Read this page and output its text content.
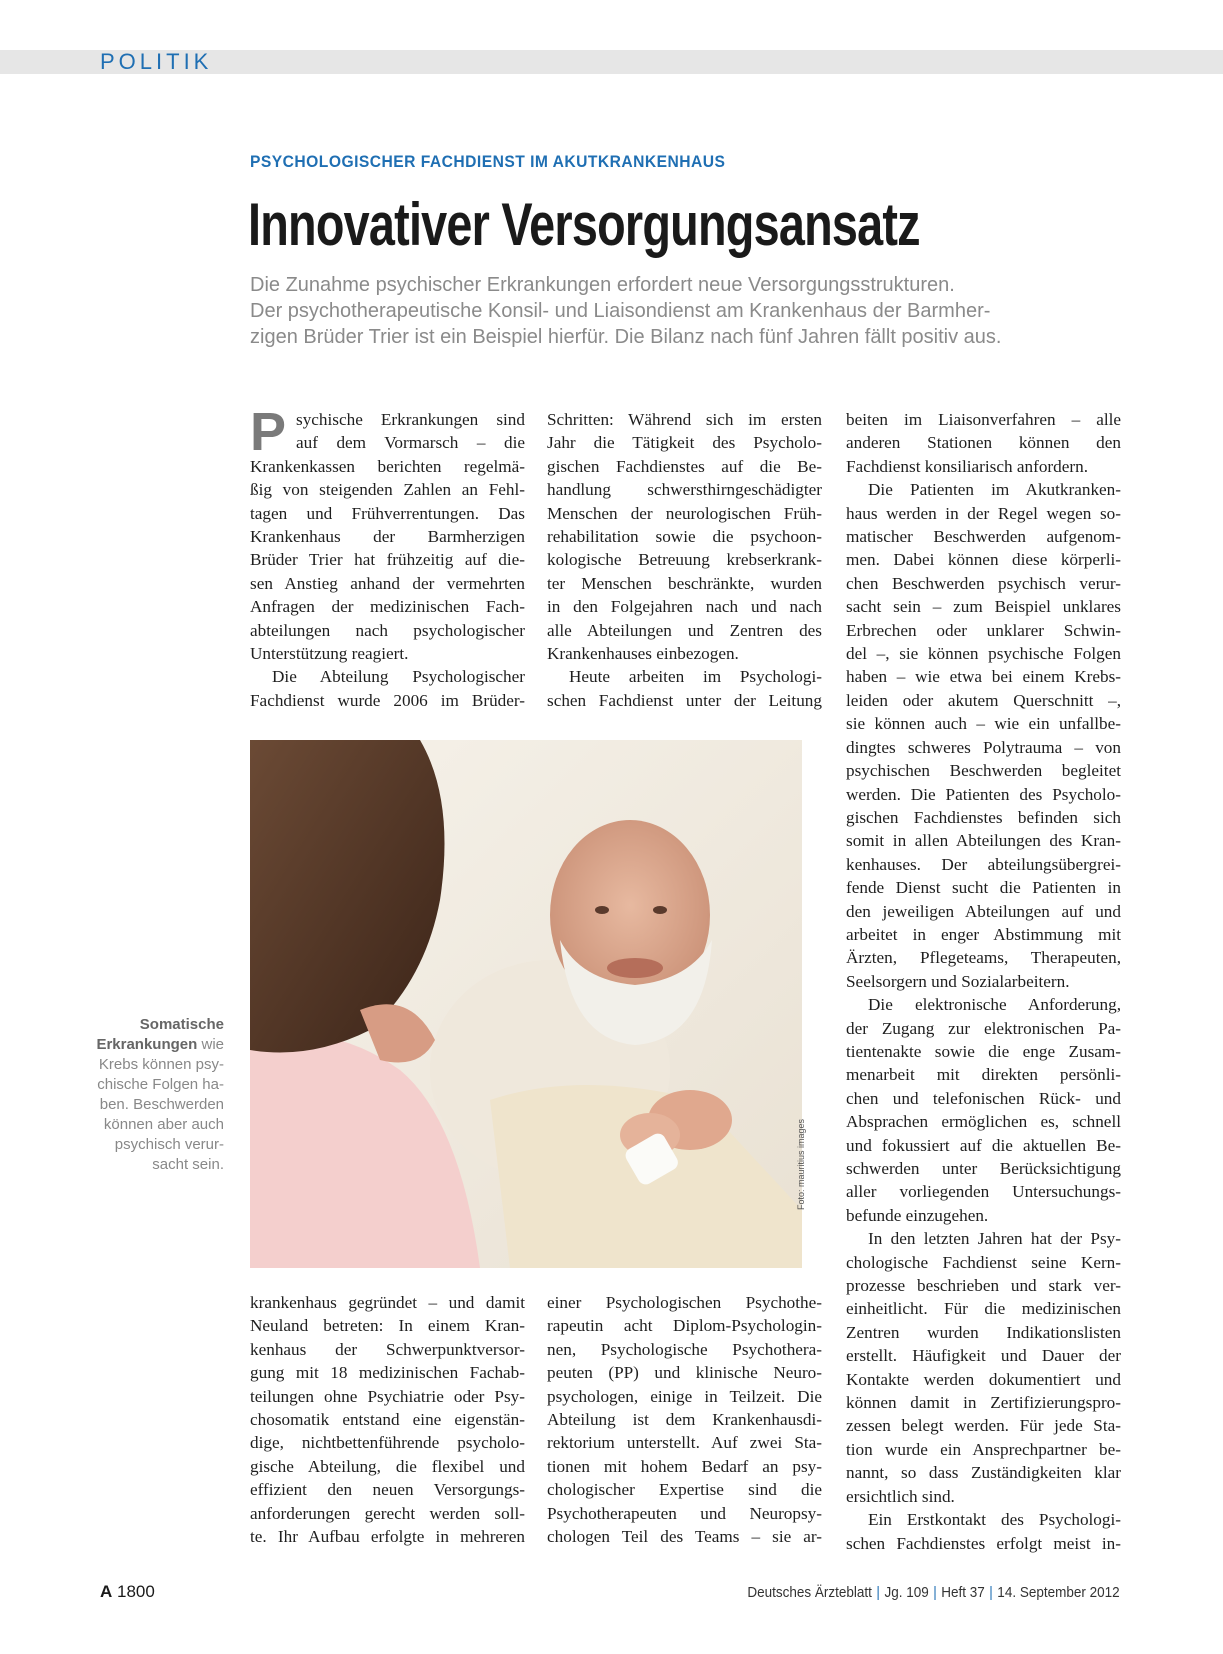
POLITIK
PSYCHOLOGISCHER FACHDIENST IM AKUTKRANKENHAUS
Innovativer Versorgungsansatz
Die Zunahme psychischer Erkrankungen erfordert neue Versorgungsstrukturen.
Der psychotherapeutische Konsil- und Liaisondienst am Krankenhaus der Barmher-
zigen Brüder Trier ist ein Beispiel hierfür. Die Bilanz nach fünf Jahren fällt positiv aus.
P sychische Erkrankungen sind
auf dem Vormarsch – die
Krankenkassen berichten regelmä-
ßig von steigenden Zahlen an Fehl-
tagen und Frühverrentungen. Das
Krankenhaus der Barmherzigen
Brüder Trier hat frühzeitig auf die-
sen Anstieg anhand der vermehrten
Anfragen der medizinischen Fach-
abteilungen nach psychologischer
Unterstützung reagiert.
Die Abteilung Psychologischer
Fachdienst wurde 2006 im Brüder-
Schritten: Während sich im ersten
Jahr die Tätigkeit des Psycholo-
gischen Fachdienstes auf die Be-
handlung schwersthirngeschädigter
Menschen der neurologischen Früh-
rehabilitation sowie die psychoon-
kologische Betreuung krebserkrank-
ter Menschen beschränkte, wurden
in den Folgejahren nach und nach
alle Abteilungen und Zentren des
Krankenhauses einbezogen.
Heute arbeiten im Psychologi-
schen Fachdienst unter der Leitung
beiten im Liaisonverfahren – alle
anderen Stationen können den
Fachdienst konsiliarisch anfordern.
Die Patienten im Akutkranken-
haus werden in der Regel wegen so-
matischer Beschwerden aufgenom-
men. Dabei können diese körperli-
chen Beschwerden psychisch verur-
sacht sein – zum Beispiel unklares
Erbrechen oder unklarer Schwin-
del –, sie können psychische Folgen
haben – wie etwa bei einem Krebs-
leiden oder akutem Querschnitt –,
sie können auch – wie ein unfallbe-
dingtes schweres Polytrauma – von
psychischen Beschwerden begleitet
werden. Die Patienten des Psycholo-
gischen Fachdienstes befinden sich
somit in allen Abteilungen des Kran-
kenhauses. Der abteilungsübergrei-
fende Dienst sucht die Patienten in
den jeweiligen Abteilungen auf und
arbeitet in enger Abstimmung mit
Ärzten, Pflegeteams, Therapeuten,
Seelsorgern und Sozialarbeitern.
Die elektronische Anforderung,
der Zugang zur elektronischen Pa-
tientenakte sowie die enge Zusam-
menarbeit mit direkten persönli-
chen und telefonischen Rück- und
Absprachen ermöglichen es, schnell
und fokussiert auf die aktuellen Be-
schwerden unter Berücksichtigung
aller vorliegenden Untersuchungs-
befunde einzugehen.
In den letzten Jahren hat der Psy-
chologische Fachdienst seine Kern-
prozesse beschrieben und stark ver-
einheitlicht. Für die medizinischen
Zentren wurden Indikationslisten
erstellt. Häufigkeit und Dauer der
Kontakte werden dokumentiert und
können damit in Zertifizierungspro-
zessen belegt werden. Für jede Sta-
tion wurde ein Ansprechpartner be-
nannt, so dass Zuständigkeiten klar
ersichtlich sind.
Ein Erstkontakt des Psychologi-
schen Fachdienstes erfolgt meist in-
Foto: mauritius images
Somatische
Erkrankungen wie
Krebs können psy-
chische Folgen ha-
ben. Beschwerden
können aber auch
psychisch verur-
sacht sein.
krankenhaus gegründet – und damit
Neuland betreten: In einem Kran-
kenhaus der Schwerpunktversor-
gung mit 18 medizinischen Fachab-
teilungen ohne Psychiatrie oder Psy-
chosomatik entstand eine eigenstän-
dige, nichtbettenführende psycholo-
gische Abteilung, die flexibel und
effizient den neuen Versorgungs-
anforderungen gerecht werden soll-
te. Ihr Aufbau erfolgte in mehreren
einer Psychologischen Psychothe-
rapeutin acht Diplom-Psychologin-
nen, Psychologische Psychothera-
peuten (PP) und klinische Neuro-
psychologen, einige in Teilzeit. Die
Abteilung ist dem Krankenhausdi-
rektorium unterstellt. Auf zwei Sta-
tionen mit hohem Bedarf an psy-
chologischer Expertise sind die
Psychotherapeuten und Neuropsy-
chologen Teil des Teams – sie ar-
A 1800	Deutsches Ärzteblatt | Jg. 109 | Heft 37 | 14. September 2012
